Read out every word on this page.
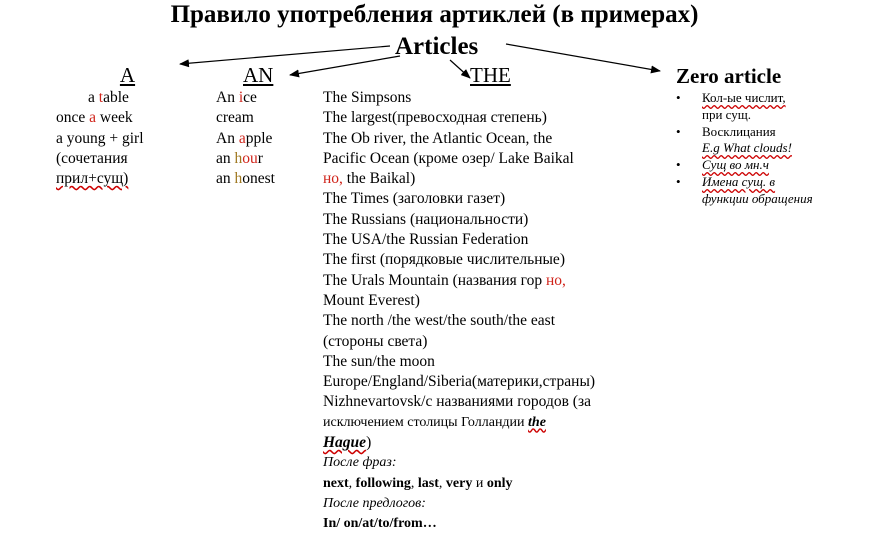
Правило употребления артиклей (в примерах)
Articles
A	AN	THE	Zero article
a table
once a week
a young + girl
(сочетания
прил+сущ)
An ice
cream
An apple
an hour
an honest
The Simpsons
The largest(превосходная степень)
The Ob river, the Atlantic Ocean, the
Pacific Ocean (кроме озер/ Lake Baikal
но, the Baikal)
The Times (заголовки газет)
The Russians (национальности)
The USA/the Russian Federation
The first (порядковые числительные)
The Urals Mountain (названия гор но,
Mount Everest)
The north /the west/the south/the east
(стороны света)
The sun/the moon
Europe/England/Siberia(материки,страны)
Nizhnevartovsk/с названиями городов (за
исключением столицы Голландии the
Hague)
После фраз:
next, following, last, very и only
После предлогов:
In/ on/at/to/from…
• Кол-ые числит,
при сущ.
• Восклицания
E.g What clouds!
• Сущ во мн.ч
• Имена сущ. в
функции обращения
